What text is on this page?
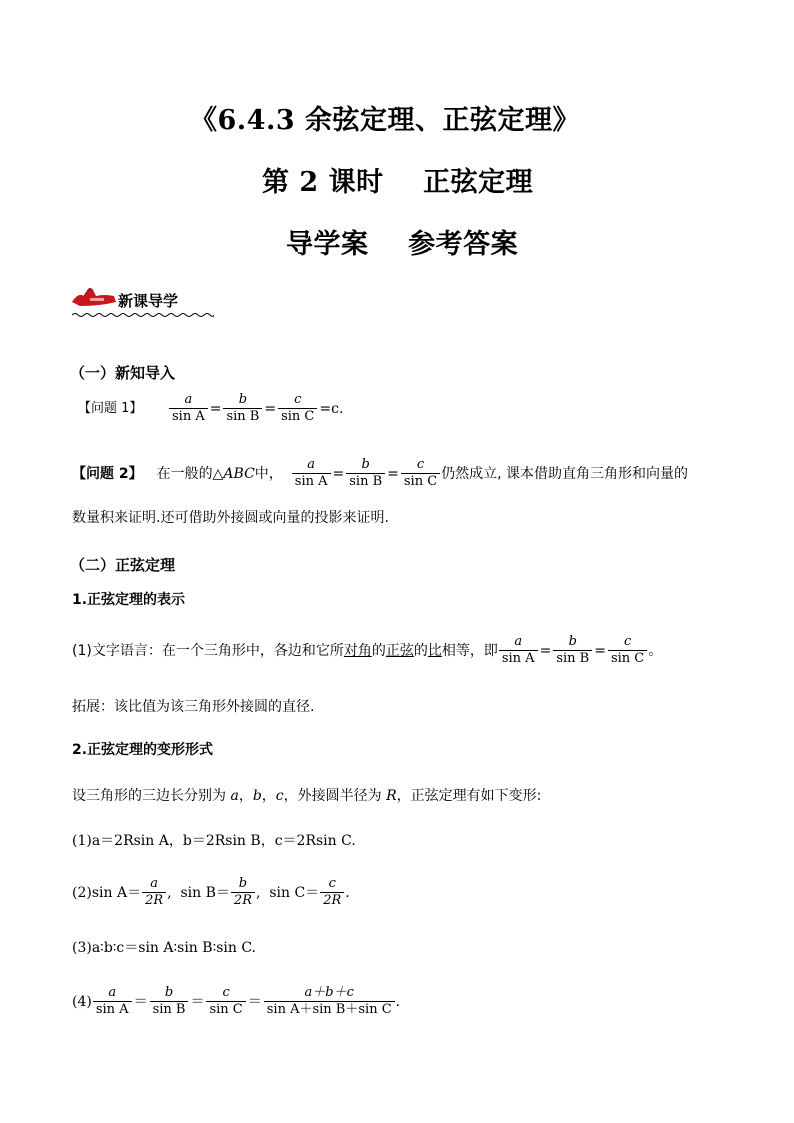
《6.4.3 余弦定理、正弦定理》
第 2 课时    正弦定理
导学案    参考答案
新课导学
（一）新知导入
【问题 1】	$\frac{a}{\text{sin A}} = \frac{b}{\text{sin B}} = \frac{c}{\text{sin C}} =c$.
【问题 2】 在一般的△ ABC 中， $\frac{a}{\text{sin A}} = \frac{b}{\text{sin B}} = \frac{c}{\text{sin C}}$ 仍然成立, 课本借助直角三角形和向量的
数量积来证明.还可借助外接圆或向量的投影来证明.
（二）正弦定理
1.正弦定理的表示
(1)文字语言：在一个三角形中，各边和它所 对角 的 正弦 的 比 相等，即 $\frac{a}{\text{sin A}} = \frac{b}{\text{sin B}} = \frac{c}{\text{sin C}}$ 。
拓展：该比值为该三角形外接圆的直径.
2.正弦定理的变形形式
设三角形的三边长分别为 a，b，c，外接圆半径为 R，正弦定理有如下变形:
(1)a＝2Rsin A，b＝2Rsin B，c＝2Rsin C.
(2)sin $A= \frac{a}{2R}$ ,  $\sin B= \frac{b}{2R}$ ,  $\sin C= \frac{c}{2R}$ .
(3)a∶b∶c＝sin A∶sin B∶sin C.
$(4) \frac{a}{\text{sin A}} = \frac{b}{\text{sin B}} = \frac{c}{\text{sin C}} = \frac{a+b+c}{\text{sin A＋sin B＋sin C}}$ .
